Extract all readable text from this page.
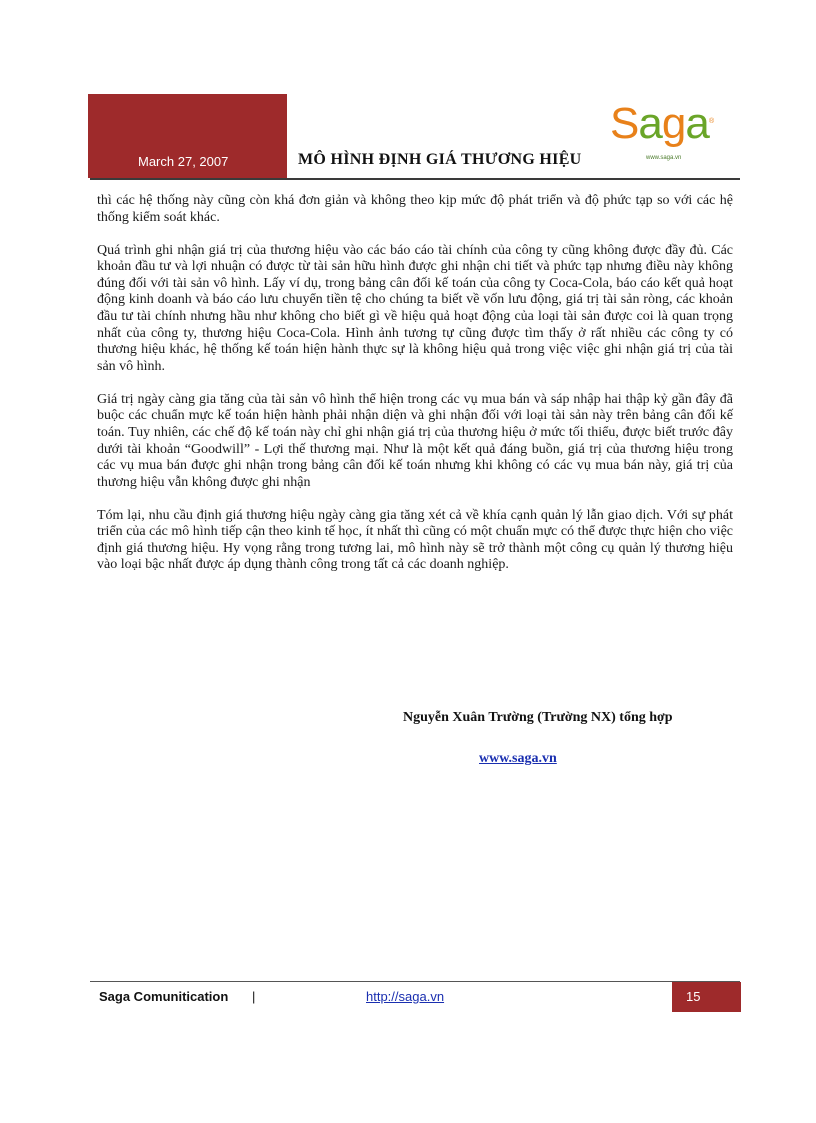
March 27, 2007	MÔ HÌNH ĐỊNH GIÁ THƯƠNG HIỆU
Saga ®
www.saga.vn

thì các hệ thống này cũng còn khá đơn giản và không theo kịp mức độ phát triển và độ phức tạp so với các hệ thống kiểm soát khác.

Quá trình ghi nhận giá trị của thương hiệu vào các báo cáo tài chính của công ty cũng không được đầy đủ. Các khoản đầu tư và lợi nhuận có được từ tài sản hữu hình được ghi nhận chi tiết và phức tạp nhưng điều này không đúng đối với tài sản vô hình. Lấy ví dụ, trong bảng cân đối kế toán của công ty Coca-Cola, báo cáo kết quả hoạt động kinh doanh và báo cáo lưu chuyển tiền tệ cho chúng ta biết về vốn lưu động, giá trị tài sản ròng, các khoản đầu tư tài chính nhưng hầu như không cho biết gì về hiệu quả hoạt động của loại tài sản được coi là quan trọng nhất của công ty, thương hiệu Coca-Cola. Hình ảnh tương tự cũng được tìm thấy ở rất nhiều các công ty có thương hiệu khác, hệ thống kế toán hiện hành thực sự là không hiệu quả trong việc việc ghi nhận giá trị của tài sản vô hình.

Giá trị ngày càng gia tăng của tài sản vô hình thể hiện trong các vụ mua bán và sáp nhập hai thập kỷ gần đây đã buộc các chuẩn mực kế toán hiện hành phải nhận diện và ghi nhận đối với loại tài sản này trên bảng cân đối kế toán. Tuy nhiên, các chế độ kế toán này chỉ ghi nhận giá trị của thương hiệu ở mức tối thiểu, được biết trước đây dưới tài khoản “Goodwill” - Lợi thế thương mại. Như là một kết quả đáng buồn, giá trị của thương hiệu trong các vụ mua bán được ghi nhận trong bảng cân đối kế toán nhưng khi không có các vụ mua bán này, giá trị của thương hiệu vẫn không được ghi nhận

Tóm lại, nhu cầu định giá thương hiệu ngày càng gia tăng xét cả về khía cạnh quản lý lẫn giao dịch. Với sự phát triển của các mô hình tiếp cận theo kinh tế học, ít nhất thì cũng có một chuẩn mực có thể được thực hiện cho việc định giá thương hiệu. Hy vọng rằng trong tương lai, mô hình này sẽ trở thành một công cụ quản lý thương hiệu vào loại bậc nhất được áp dụng thành công trong tất cả các doanh nghiệp.

Nguyễn Xuân Trường (Trường NX) tổng hợp
www.saga.vn
Saga Comunitication |	http://saga.vn	15
